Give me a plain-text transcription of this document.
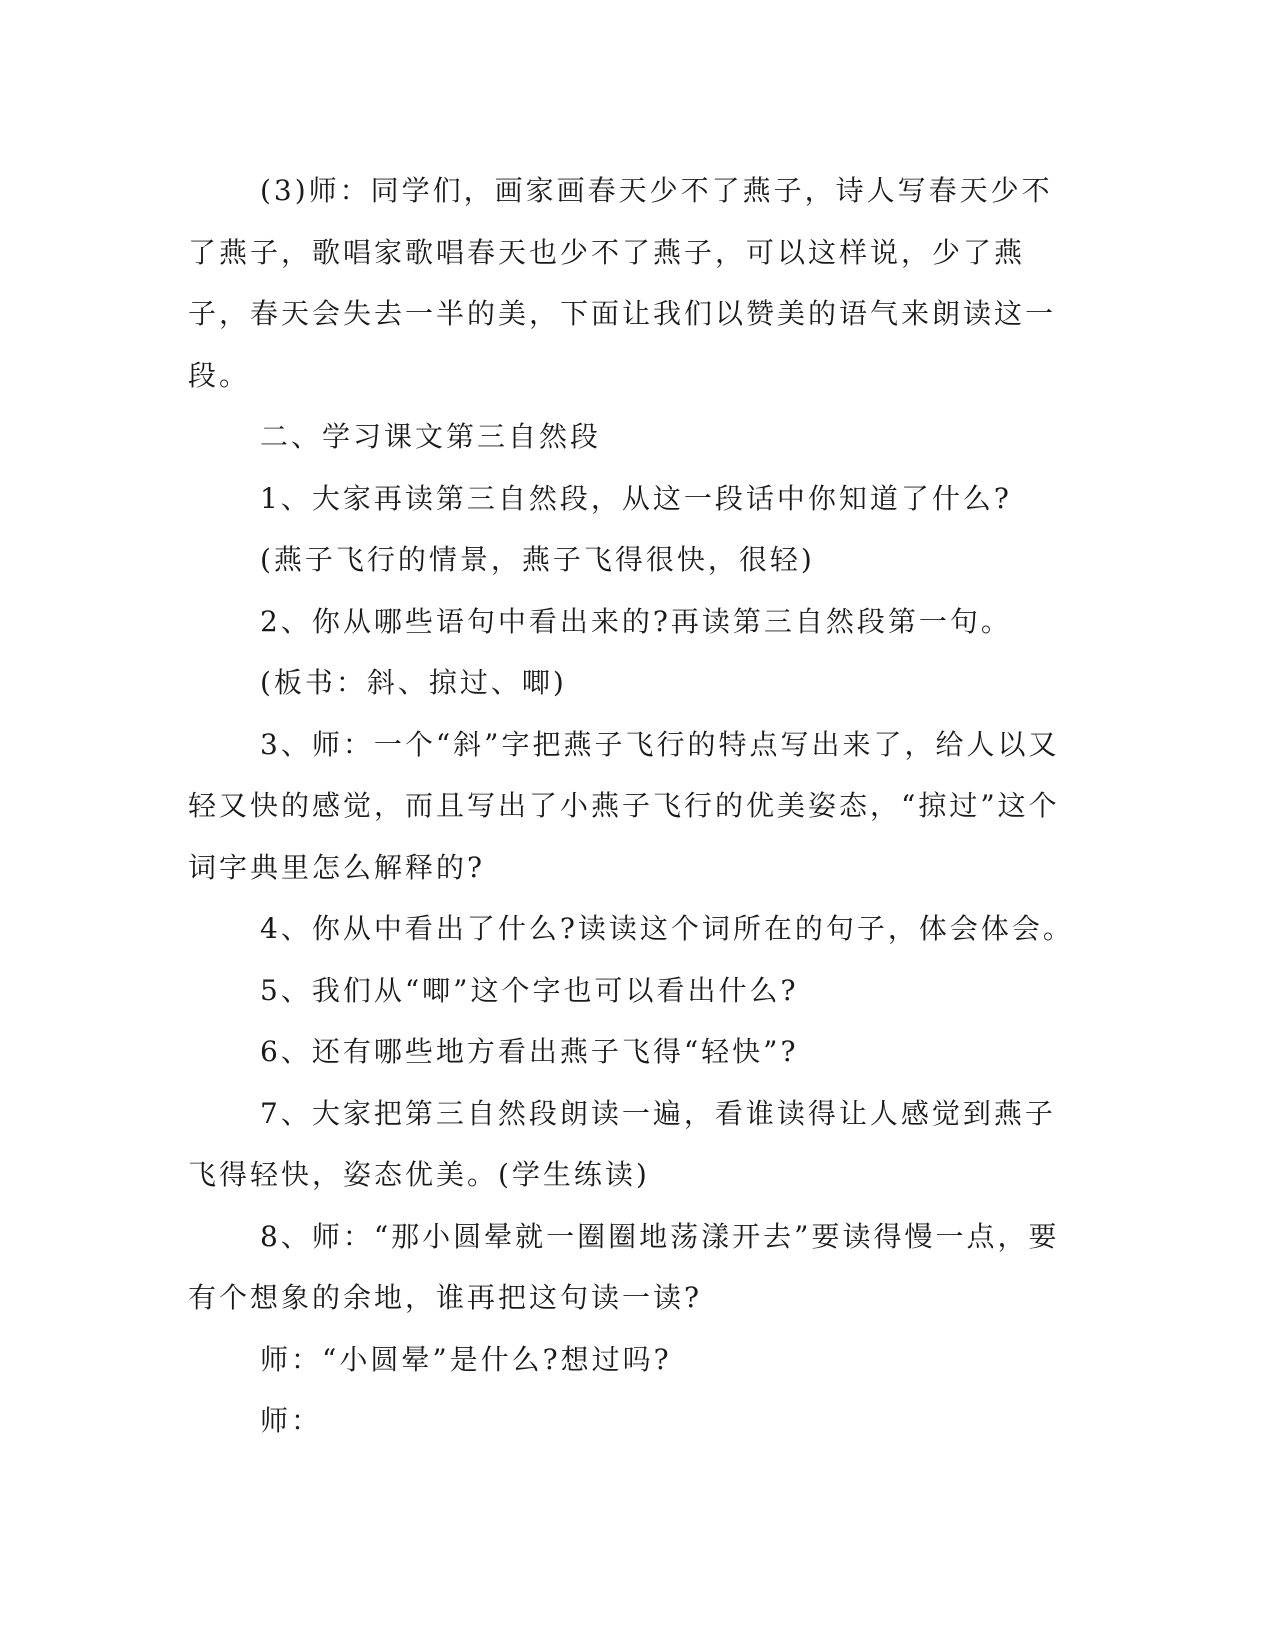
(3)师：同学们，画家画春天少不了燕子，诗人写春天少不了燕子，歌唱家歌唱春天也少不了燕子，可以这样说，少了燕子，春天会失去一半的美，下面让我们以赞美的语气来朗读这一段。

二、学习课文第三自然段

1、大家再读第三自然段，从这一段话中你知道了什么?

(燕子飞行的情景，燕子飞得很快，很轻)

2、你从哪些语句中看出来的?再读第三自然段第一句。

(板书：斜、掠过、唧)

3、师：一个“斜”字把燕子飞行的特点写出来了，给人以又轻又快的感觉，而且写出了小燕子飞行的优美姿态，“掠过”这个词字典里怎么解释的?

4、你从中看出了什么?读读这个词所在的句子，体会体会。

5、我们从“唧”这个字也可以看出什么?

6、还有哪些地方看出燕子飞得“轻快”?

7、大家把第三自然段朗读一遍，看谁读得让人感觉到燕子飞得轻快，姿态优美。(学生练读)

8、师：“那小圆晕就一圈圈地荡漾开去”要读得慢一点，要有个想象的余地，谁再把这句读一读?

师：“小圆晕”是什么?想过吗?

师：
